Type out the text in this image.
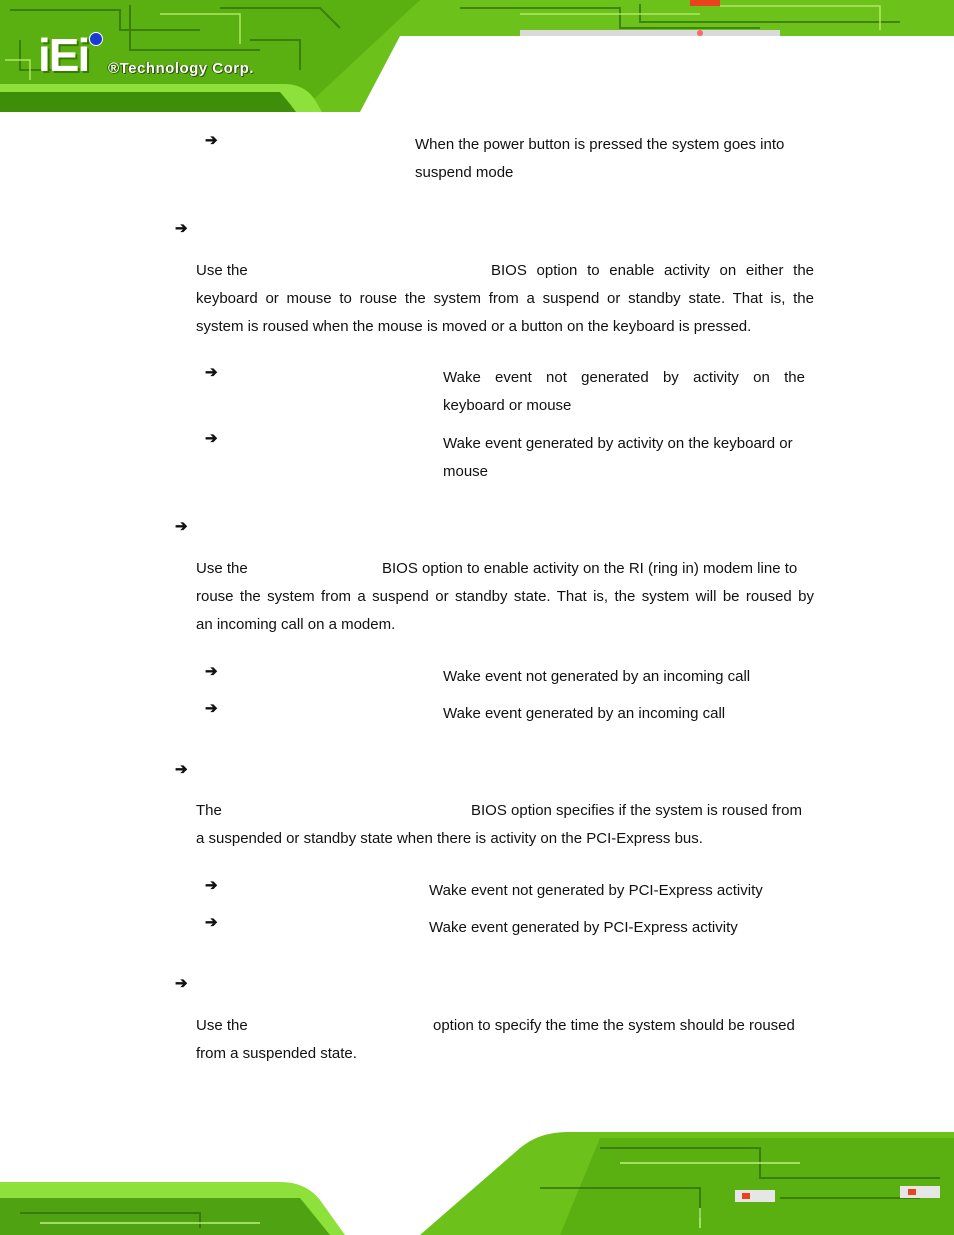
iEi ®Technology Corp.
➔	When the power button is pressed the system goes into
suspend mode
➔
Use the	BIOS option to enable activity on either the
keyboard or mouse to rouse the system from a suspend or standby state. That is, the
system is roused when the mouse is moved or a button on the keyboard is pressed.
➔	Wake event not generated by activity on the
keyboard or mouse
➔	Wake event generated by activity on the keyboard or
mouse
➔
Use the	BIOS option to enable activity on the RI (ring in) modem line to
rouse the system from a suspend or standby state. That is, the system will be roused by
an incoming call on a modem.
➔	Wake event not generated by an incoming call
➔	Wake event generated by an incoming call
➔
The	BIOS option specifies if the system is roused from
a suspended or standby state when there is activity on the PCI-Express bus.
➔	Wake event not generated by PCI-Express activity
➔	Wake event generated by PCI-Express activity
➔
Use the	option to specify the time the system should be roused
from a suspended state.
